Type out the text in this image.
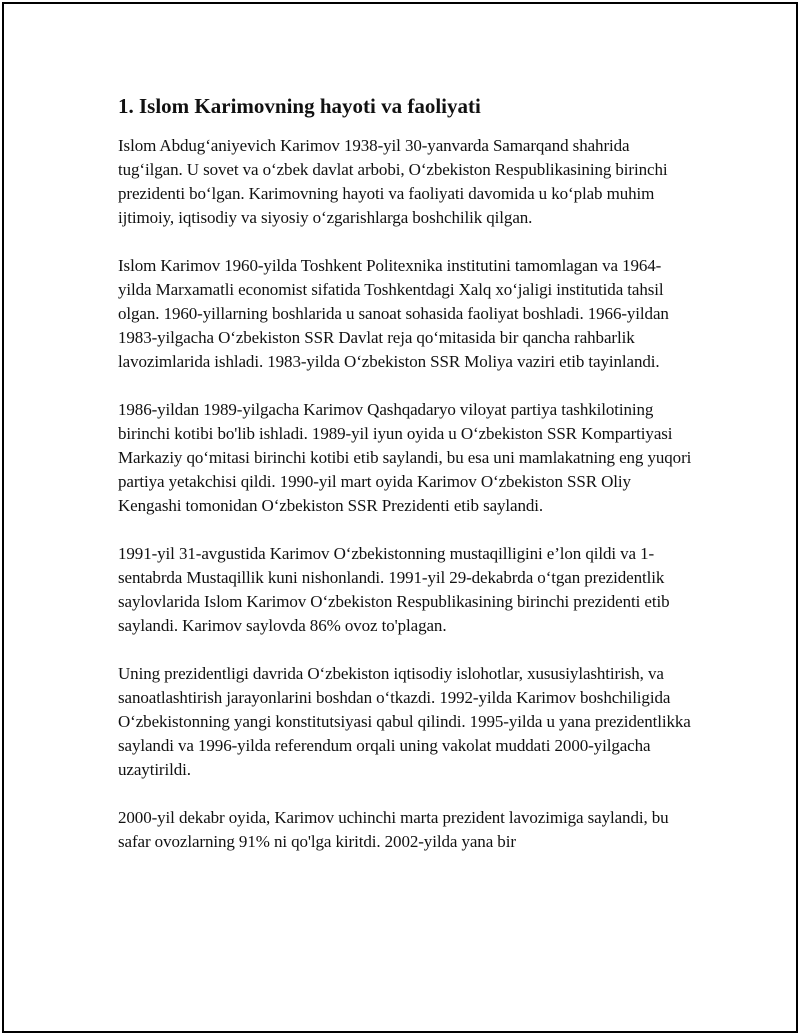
1. Islom Karimovning hayoti va faoliyati

Islom Abdug‘aniyevich Karimov 1938-yil 30-yanvarda Samarqand shahrida tug‘ilgan. U sovet va o‘zbek davlat arbobi, O‘zbekiston Respublikasining birinchi prezidenti bo‘lgan. Karimovning hayoti va faoliyati davomida u ko‘plab muhim ijtimoiy, iqtisodiy va siyosiy o‘zgarishlarga boshchilik qilgan.

Islom Karimov 1960-yilda Toshkent Politexnika institutini tamomlagan va 1964-yilda Marxamatli economist sifatida Toshkentdagi Xalq xo‘jaligi institutida tahsil olgan. 1960-yillarning boshlarida u sanoat sohasida faoliyat boshladi. 1966-yildan 1983-yilgacha O‘zbekiston SSR Davlat reja qo‘mitasida bir qancha rahbarlik lavozimlarida ishladi. 1983-yilda O‘zbekiston SSR Moliya vaziri etib tayinlandi.

1986-yildan 1989-yilgacha Karimov Qashqadaryo viloyat partiya tashkilotining birinchi kotibi bo'lib ishladi. 1989-yil iyun oyida u O‘zbekiston SSR Kompartiyasi Markaziy qo‘mitasi birinchi kotibi etib saylandi, bu esa uni mamlakatning eng yuqori partiya yetakchisi qildi. 1990-yil mart oyida Karimov O‘zbekiston SSR Oliy Kengashi tomonidan O‘zbekiston SSR Prezidenti etib saylandi.

1991-yil 31-avgustida Karimov O‘zbekistonning mustaqilligini e’lon qildi va 1-sentabrda Mustaqillik kuni nishonlandi. 1991-yil 29-dekabrda o‘tgan prezidentlik saylovlarida Islom Karimov O‘zbekiston Respublikasining birinchi prezidenti etib saylandi. Karimov saylovda 86% ovoz to'plagan.

Uning prezidentligi davrida O‘zbekiston iqtisodiy islohotlar, xususiylashtirish, va sanoatlashtirish jarayonlarini boshdan o‘tkazdi. 1992-yilda Karimov boshchiligida O‘zbekistonning yangi konstitutsiyasi qabul qilindi. 1995-yilda u yana prezidentlikka saylandi va 1996-yilda referendum orqali uning vakolat muddati 2000-yilgacha uzaytirildi.

2000-yil dekabr oyida, Karimov uchinchi marta prezident lavozimiga saylandi, bu safar ovozlarning 91% ni qo'lga kiritdi. 2002-yilda yana bir
